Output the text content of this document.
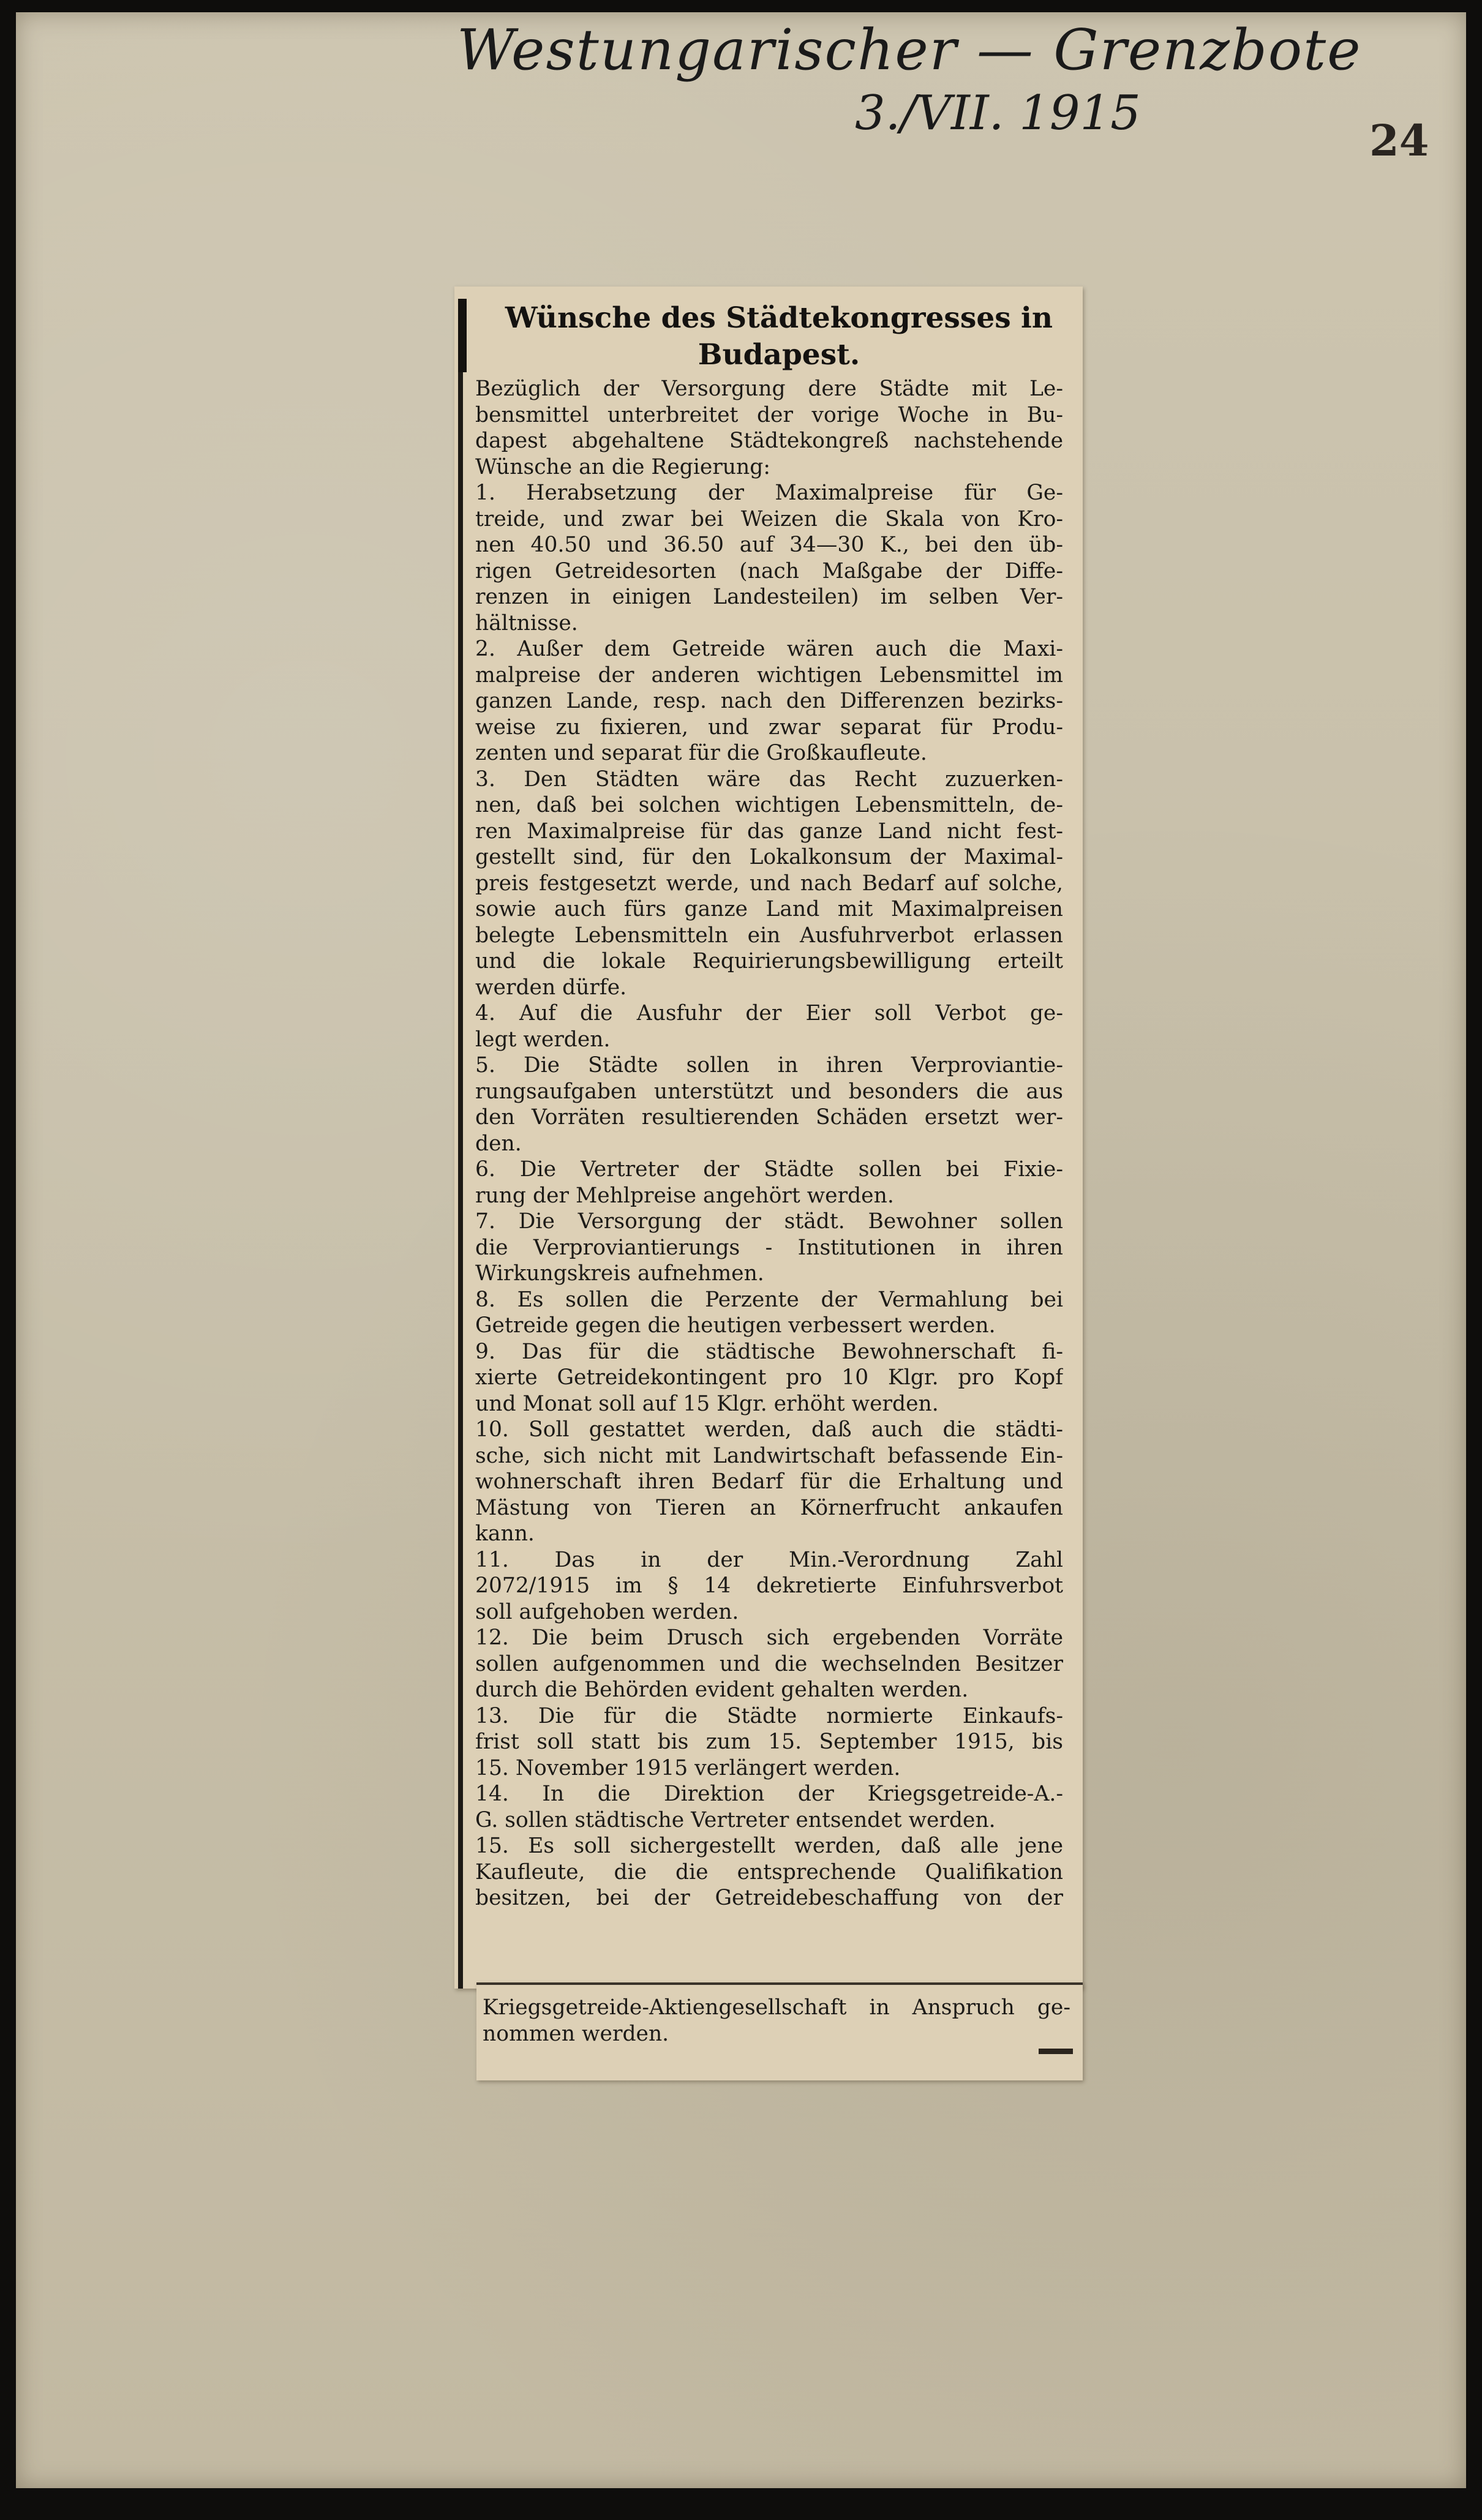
Westungarischer — Grenzbote
3./VII. 1915	24
Wünsche des Städtekongresses in
Budapest.
Bezüglich der Versorgung dere Städte mit Le-
bensmittel unterbreitet der vorige Woche in Bu-
dapest abgehaltene Städtekongreß nachstehende
Wünsche an die Regierung:
1. Herabsetzung der Maximalpreise für Ge-
treide, und zwar bei Weizen die Skala von Kro-
nen 40.50 und 36.50 auf 34—30 K., bei den üb-
rigen Getreidesorten (nach Maßgabe der Diffe-
renzen in einigen Landesteilen) im selben Ver-
hältnisse.
2. Außer dem Getreide wären auch die Maxi-
malpreise der anderen wichtigen Lebensmittel im
ganzen Lande, resp. nach den Differenzen bezirks-
weise zu fixieren, und zwar separat für Produ-
zenten und separat für die Großkaufleute.
3. Den Städten wäre das Recht zuzuerken-
nen, daß bei solchen wichtigen Lebensmitteln, de-
ren Maximalpreise für das ganze Land nicht fest-
gestellt sind, für den Lokalkonsum der Maximal-
preis festgesetzt werde, und nach Bedarf auf solche,
sowie auch fürs ganze Land mit Maximalpreisen
belegte Lebensmitteln ein Ausfuhrverbot erlassen
und die lokale Requirierungsbewilligung erteilt
werden dürfe.
4. Auf die Ausfuhr der Eier soll Verbot ge-
legt werden.
5. Die Städte sollen in ihren Verproviantie-
rungsaufgaben unterstützt und besonders die aus
den Vorräten resultierenden Schäden ersetzt wer-
den.
6. Die Vertreter der Städte sollen bei Fixie-
rung der Mehlpreise angehört werden.
7. Die Versorgung der städt. Bewohner sollen
die Verproviantierungs - Institutionen in ihren
Wirkungskreis aufnehmen.
8. Es sollen die Perzente der Vermahlung bei
Getreide gegen die heutigen verbessert werden.
9. Das für die städtische Bewohnerschaft fi-
xierte Getreidekontingent pro 10 Klgr. pro Kopf
und Monat soll auf 15 Klgr. erhöht werden.
10. Soll gestattet werden, daß auch die städti-
sche, sich nicht mit Landwirtschaft befassende Ein-
wohnerschaft ihren Bedarf für die Erhaltung und
Mästung von Tieren an Körnerfrucht ankaufen
kann.
11. Das in der Min.-Verordnung Zahl
2072/1915 im § 14 dekretierte Einfuhrsverbot
soll aufgehoben werden.
12. Die beim Drusch sich ergebenden Vorräte
sollen aufgenommen und die wechselnden Besitzer
durch die Behörden evident gehalten werden.
13. Die für die Städte normierte Einkaufs-
frist soll statt bis zum 15. September 1915, bis
15. November 1915 verlängert werden.
14. In die Direktion der Kriegsgetreide-A.-
G. sollen städtische Vertreter entsendet werden.
15. Es soll sichergestellt werden, daß alle jene
Kaufleute, die die entsprechende Qualifikation
besitzen, bei der Getreidebeschaffung von der
Kriegsgetreide-Aktiengesellschaft in Anspruch ge-
nommen werden.
